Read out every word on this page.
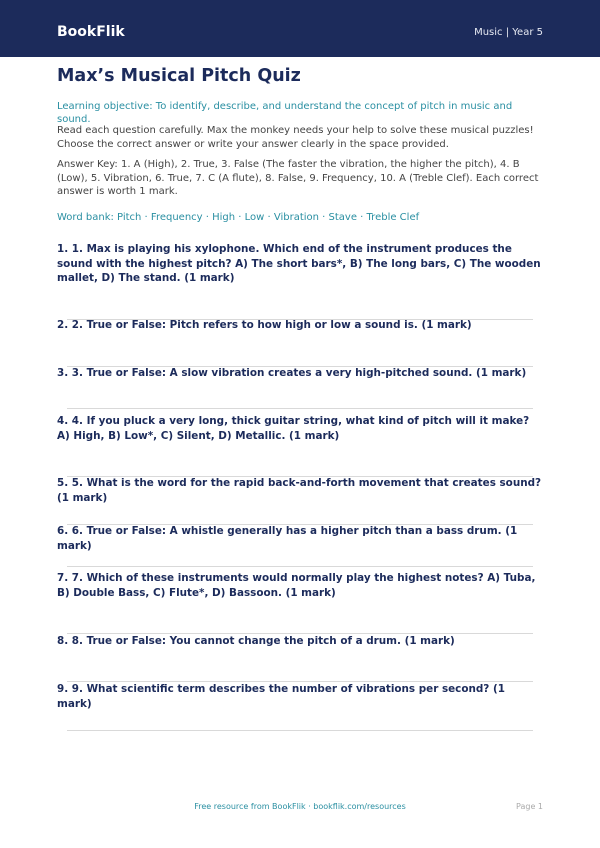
BookFlik	Music | Year 5
Max’s Musical Pitch Quiz
Learning objective: To identify, describe, and understand the concept of pitch in music and sound.
Read each question carefully. Max the monkey needs your help to solve these musical puzzles! Choose the correct answer or write your answer clearly in the space provided.
Answer Key: 1. A (High), 2. True, 3. False (The faster the vibration, the higher the pitch), 4. B (Low), 5. Vibration, 6. True, 7. C (A flute), 8. False, 9. Frequency, 10. A (Treble Clef). Each correct answer is worth 1 mark.
Word bank: Pitch · Frequency · High · Low · Vibration · Stave · Treble Clef
1. 1. Max is playing his xylophone. Which end of the instrument produces the sound with the highest pitch? A) The short bars*, B) The long bars, C) The wooden mallet, D) The stand. (1 mark)
2. 2. True or False: Pitch refers to how high or low a sound is. (1 mark)
3. 3. True or False: A slow vibration creates a very high-pitched sound. (1 mark)
4. 4. If you pluck a very long, thick guitar string, what kind of pitch will it make? A) High, B) Low*, C) Silent, D) Metallic. (1 mark)
5. 5. What is the word for the rapid back-and-forth movement that creates sound? (1 mark)
6. 6. True or False: A whistle generally has a higher pitch than a bass drum. (1 mark)
7. 7. Which of these instruments would normally play the highest notes? A) Tuba, B) Double Bass, C) Flute*, D) Bassoon. (1 mark)
8. 8. True or False: You cannot change the pitch of a drum. (1 mark)
9. 9. What scientific term describes the number of vibrations per second? (1 mark)
Free resource from BookFlik · bookflik.com/resources	Page 1
